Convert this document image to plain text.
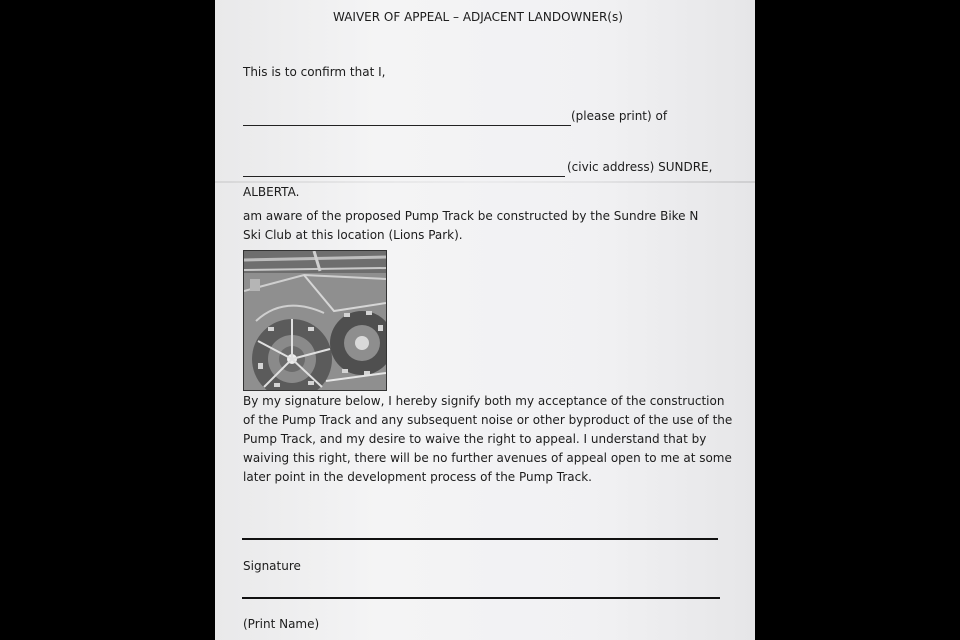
WAIVER OF APPEAL – ADJACENT LANDOWNER(s)
This is to confirm that I,
(please print) of
(civic address) SUNDRE,
ALBERTA.
am aware of the proposed Pump Track be constructed by the Sundre Bike N Ski Club at this location (Lions Park).
By my signature below, I hereby signify both my acceptance of the construction of the Pump Track and any subsequent noise or other byproduct of the use of the Pump Track, and my desire to waive the right to appeal. I understand that by waiving this right, there will be no further avenues of appeal open to me at some later point in the development process of the Pump Track.
Signature
(Print Name)
